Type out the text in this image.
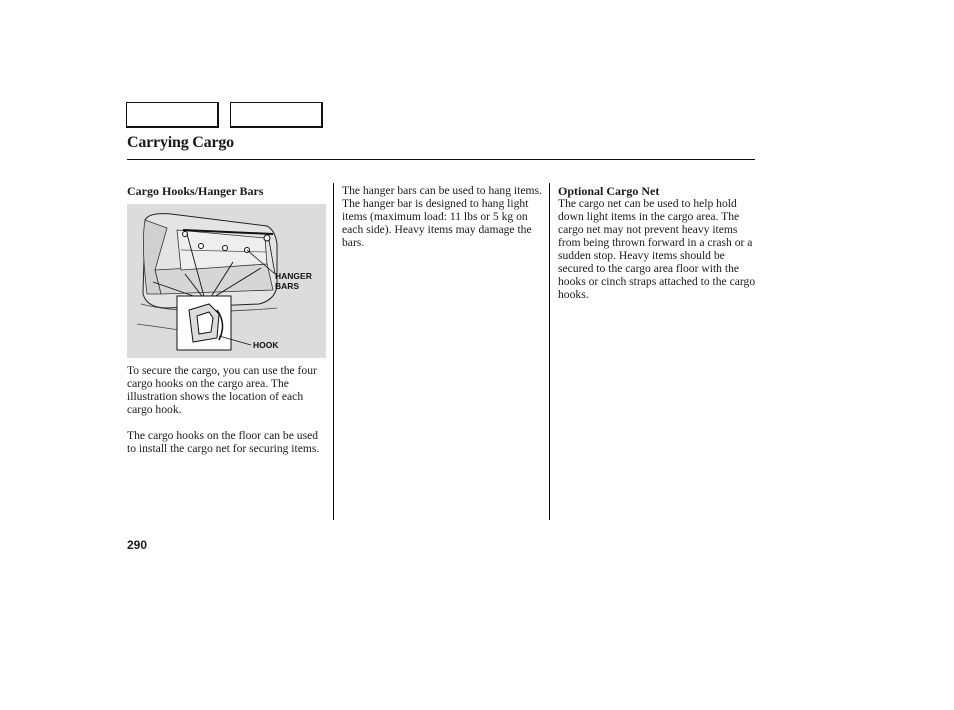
Carrying Cargo
Cargo Hooks/Hanger Bars
HANGER
BARS
HOOK

To secure the cargo, you can use the four cargo hooks on the cargo area. The illustration shows the location of each cargo hook.

The cargo hooks on the floor can be used to install the cargo net for securing items.

The hanger bars can be used to hang items. The hanger bar is designed to hang light items (maximum load: 11 lbs or 5 kg on each side). Heavy items may damage the bars.

Optional Cargo Net

The cargo net can be used to help hold down light items in the cargo area. The cargo net may not prevent heavy items from being thrown forward in a crash or a sudden stop. Heavy items should be secured to the cargo area floor with the hooks or cinch straps attached to the cargo hooks.

290
